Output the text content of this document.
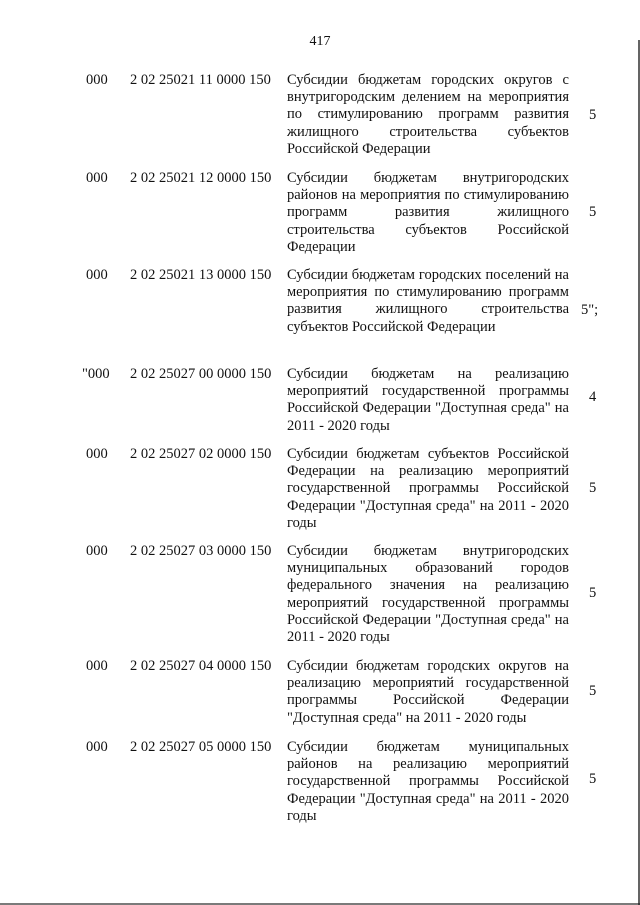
417
000 2 02 25021 11 0000 150 Субсидии бюджетам городских округов с внутригородским делением на мероприятия по стимулированию программ развития жилищного строительства субъектов Российской Федерации
5
000 2 02 25021 12 0000 150 Субсидии бюджетам внутригородских районов на мероприятия по стимулированию программ развития жилищного строительства субъектов Российской Федерации
5
000 2 02 25021 13 0000 150 Субсидии бюджетам городских поселений на мероприятия по стимулированию программ развития жилищного строительства субъектов Российской Федерации
5";
"000 2 02 25027 00 0000 150 Субсидии бюджетам на реализацию мероприятий государственной программы Российской Федерации "Доступная среда" на 2011 - 2020 годы
4
000 2 02 25027 02 0000 150 Субсидии бюджетам субъектов Российской Федерации на реализацию мероприятий государственной программы Российской Федерации "Доступная среда" на 2011 - 2020 годы
5
000 2 02 25027 03 0000 150 Субсидии бюджетам внутригородских муниципальных образований городов федерального значения на реализацию мероприятий государственной программы Российской Федерации "Доступная среда" на 2011 - 2020 годы
5
000 2 02 25027 04 0000 150 Субсидии бюджетам городских округов на реализацию мероприятий государственной программы Российской Федерации "Доступная среда" на 2011 - 2020 годы
5
000 2 02 25027 05 0000 150 Субсидии бюджетам муниципальных районов на реализацию мероприятий государственной программы Российской Федерации "Доступная среда" на 2011 - 2020 годы
5
